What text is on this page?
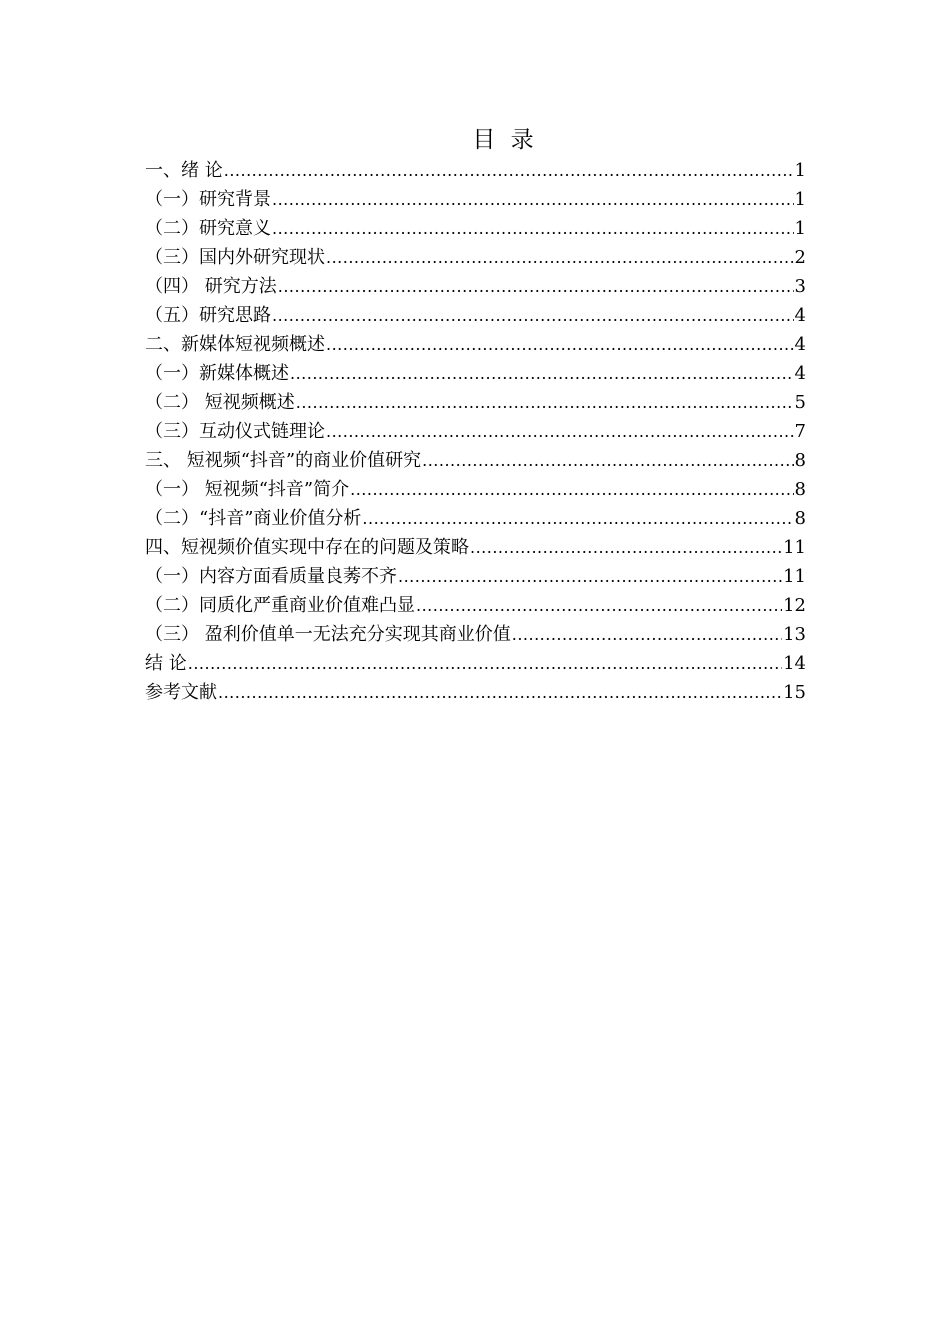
目 录
一、绪 论 .....	1
（一）研究背景 .....	1
（二）研究意义 .....	1
（三）国内外研究现状 .....	2
（四） 研究方法 .....	3
（五）研究思路 .....	4
二、新媒体短视频概述 .....	4
（一）新媒体概述 .....	4
（二） 短视频概述 .....	5
（三）互动仪式链理论 .....	7
三、 短视频“抖音”的商业价值研究 .....	8
（一） 短视频“抖音”简介 .....	8
（二）“抖音”商业价值分析 .....	8
四、短视频价值实现中存在的问题及策略 .....	11
（一）内容方面看质量良莠不齐 .....	11
（二）同质化严重商业价值难凸显 .....	12
（三） 盈利价值单一无法充分实现其商业价值 .....	13
结 论 .....	14
参考文献 .....	15
